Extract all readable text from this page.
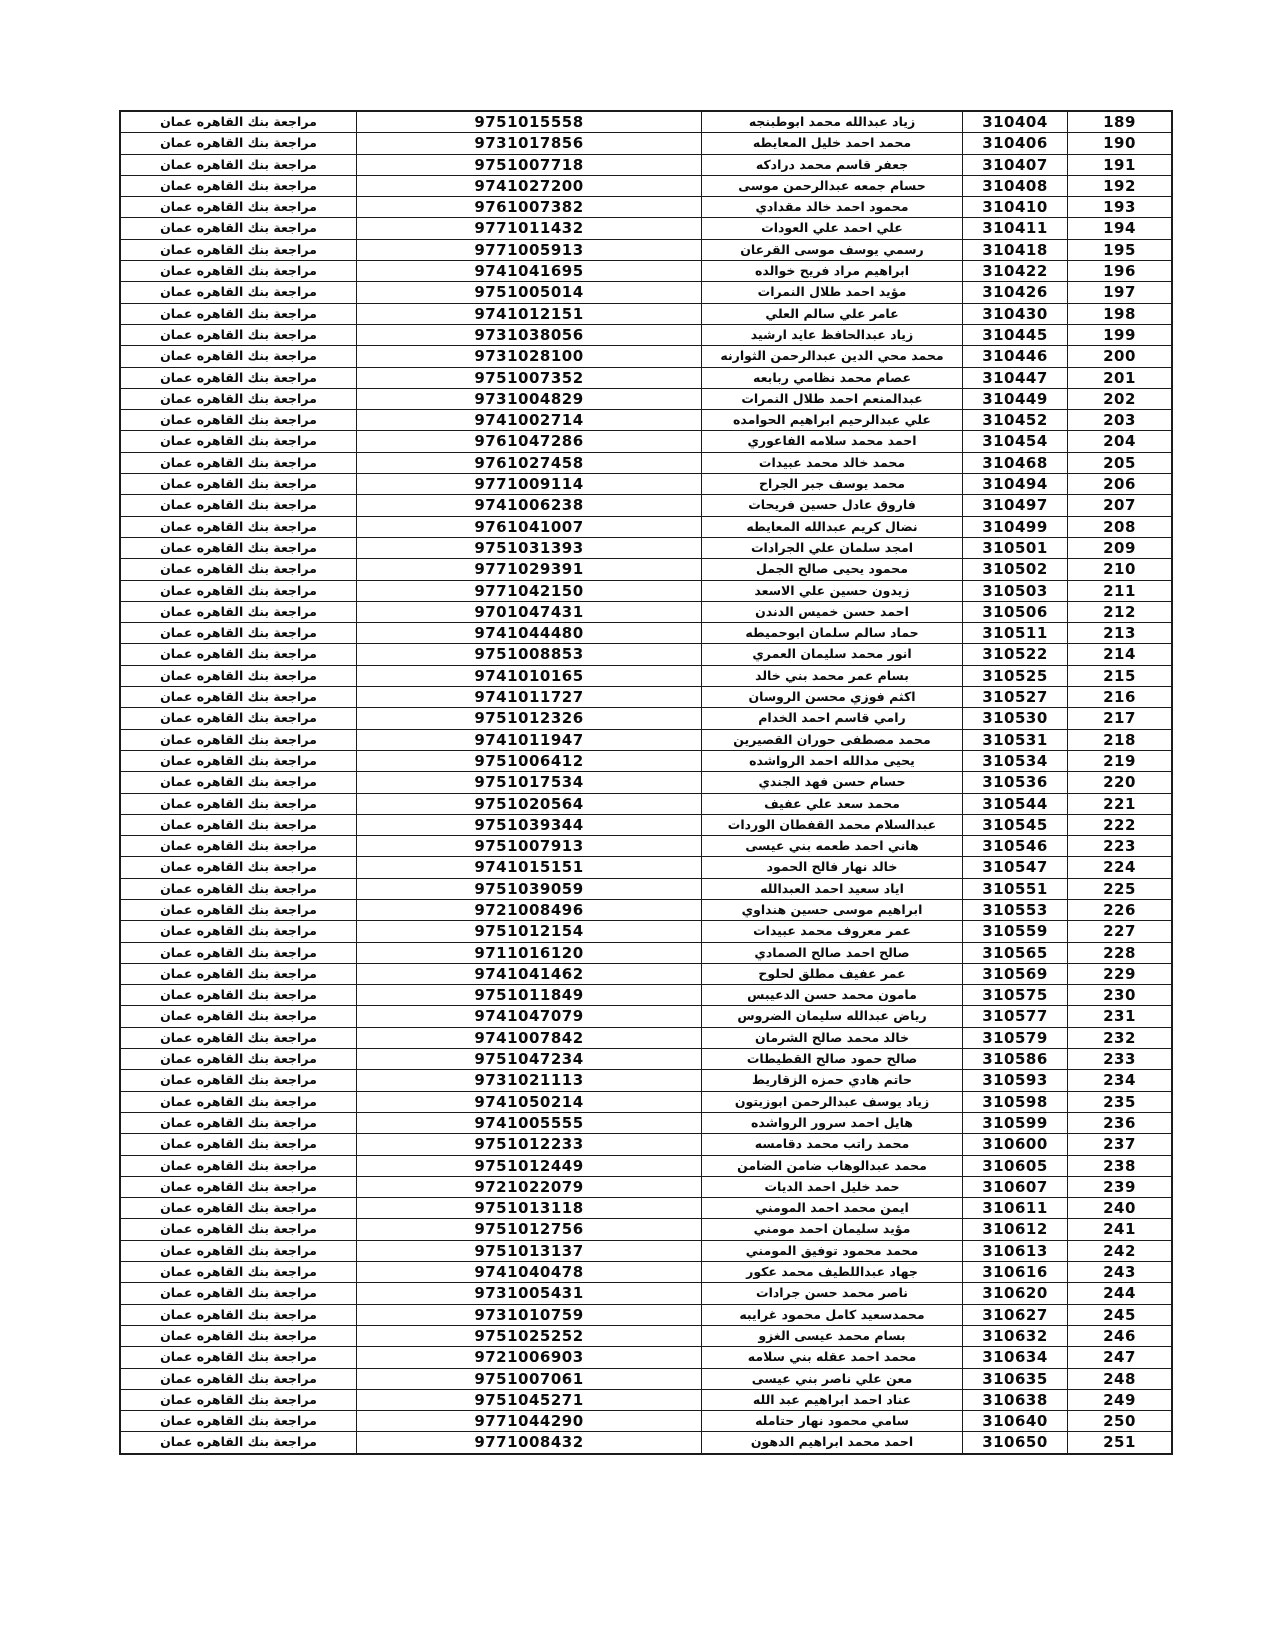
189	310404	زياد عبدالله محمد ابوطبنجه	9751015558	مراجعة بنك القاهره عمان
190	310406	محمد احمد خليل المعايطه	9731017856	مراجعة بنك القاهره عمان
191	310407	جعفر قاسم محمد درادكه	9751007718	مراجعة بنك القاهره عمان
192	310408	حسام جمعه عبدالرحمن موسى	9741027200	مراجعة بنك القاهره عمان
193	310410	محمود احمد خالد مقدادي	9761007382	مراجعة بنك القاهره عمان
194	310411	علي احمد علي العودات	9771011432	مراجعة بنك القاهره عمان
195	310418	رسمي يوسف موسى القرعان	9771005913	مراجعة بنك القاهره عمان
196	310422	ابراهيم مراد فريح خوالده	9741041695	مراجعة بنك القاهره عمان
197	310426	مؤيد احمد طلال النمرات	9751005014	مراجعة بنك القاهره عمان
198	310430	عامر علي سالم العلي	9741012151	مراجعة بنك القاهره عمان
199	310445	زياد عبدالحافظ عايد ارشيد	9731038056	مراجعة بنك القاهره عمان
200	310446	محمد محي الدين عبدالرحمن الثوارنه	9731028100	مراجعة بنك القاهره عمان
201	310447	عصام محمد نظامي ربابعه	9751007352	مراجعة بنك القاهره عمان
202	310449	عبدالمنعم احمد طلال النمرات	9731004829	مراجعة بنك القاهره عمان
203	310452	علي عبدالرحيم ابراهيم الحوامده	9741002714	مراجعة بنك القاهره عمان
204	310454	احمد محمد سلامه الفاعوري	9761047286	مراجعة بنك القاهره عمان
205	310468	محمد خالد محمد عبيدات	9761027458	مراجعة بنك القاهره عمان
206	310494	محمد يوسف جبر الجراح	9771009114	مراجعة بنك القاهره عمان
207	310497	فاروق عادل حسين فريحات	9741006238	مراجعة بنك القاهره عمان
208	310499	نضال كريم عبدالله المعايطه	9761041007	مراجعة بنك القاهره عمان
209	310501	امجد سلمان علي الجرادات	9751031393	مراجعة بنك القاهره عمان
210	310502	محمود يحيى صالح الجمل	9771029391	مراجعة بنك القاهره عمان
211	310503	زيدون حسين علي الاسعد	9771042150	مراجعة بنك القاهره عمان
212	310506	احمد حسن خميس الدندن	9701047431	مراجعة بنك القاهره عمان
213	310511	حماد سالم سلمان ابوحميطه	9741044480	مراجعة بنك القاهره عمان
214	310522	انور محمد سليمان العمري	9751008853	مراجعة بنك القاهره عمان
215	310525	بسام عمر محمد بني خالد	9741010165	مراجعة بنك القاهره عمان
216	310527	اكثم فوزي محسن الروسان	9741011727	مراجعة بنك القاهره عمان
217	310530	رامي قاسم احمد الخدام	9751012326	مراجعة بنك القاهره عمان
218	310531	محمد مصطفى حوران القصيرين	9741011947	مراجعة بنك القاهره عمان
219	310534	يحيى مدالله احمد الرواشده	9751006412	مراجعة بنك القاهره عمان
220	310536	حسام حسن فهد الجندي	9751017534	مراجعة بنك القاهره عمان
221	310544	محمد سعد علي عفيف	9751020564	مراجعة بنك القاهره عمان
222	310545	عبدالسلام محمد القفطان الوردات	9751039344	مراجعة بنك القاهره عمان
223	310546	هاني احمد طعمه بني عيسى	9751007913	مراجعة بنك القاهره عمان
224	310547	خالد نهار فالح الحمود	9741015151	مراجعة بنك القاهره عمان
225	310551	اياد سعيد احمد العبدالله	9751039059	مراجعة بنك القاهره عمان
226	310553	ابراهيم موسى حسين هنداوي	9721008496	مراجعة بنك القاهره عمان
227	310559	عمر معروف محمد عبيدات	9751012154	مراجعة بنك القاهره عمان
228	310565	صالح احمد صالح الصمادي	9711016120	مراجعة بنك القاهره عمان
229	310569	عمر عفيف مطلق لحلوح	9741041462	مراجعة بنك القاهره عمان
230	310575	مامون محمد حسن الدعيبس	9751011849	مراجعة بنك القاهره عمان
231	310577	رياض عبدالله سليمان الضروس	9741047079	مراجعة بنك القاهره عمان
232	310579	خالد محمد صالح الشرمان	9741007842	مراجعة بنك القاهره عمان
233	310586	صالح حمود صالح القطيطات	9751047234	مراجعة بنك القاهره عمان
234	310593	حاتم هادي حمزه الزقاريط	9731021113	مراجعة بنك القاهره عمان
235	310598	زياد يوسف عبدالرحمن ابوزيتون	9741050214	مراجعة بنك القاهره عمان
236	310599	هايل احمد سرور الرواشده	9741005555	مراجعة بنك القاهره عمان
237	310600	محمد راتب محمد دقامسه	9751012233	مراجعة بنك القاهره عمان
238	310605	محمد عبدالوهاب ضامن الضامن	9751012449	مراجعة بنك القاهره عمان
239	310607	حمد خليل احمد الديات	9721022079	مراجعة بنك القاهره عمان
240	310611	ايمن محمد احمد المومني	9751013118	مراجعة بنك القاهره عمان
241	310612	مؤيد سليمان احمد مومني	9751012756	مراجعة بنك القاهره عمان
242	310613	محمد محمود توفيق المومني	9751013137	مراجعة بنك القاهره عمان
243	310616	جهاد عبداللطيف محمد عكور	9741040478	مراجعة بنك القاهره عمان
244	310620	ناصر محمد حسن جرادات	9731005431	مراجعة بنك القاهره عمان
245	310627	محمدسعيد كامل محمود غرايبه	9731010759	مراجعة بنك القاهره عمان
246	310632	بسام محمد عيسى الغزو	9751025252	مراجعة بنك القاهره عمان
247	310634	محمد احمد عقله بني سلامه	9721006903	مراجعة بنك القاهره عمان
248	310635	معن علي ناصر بني عيسى	9751007061	مراجعة بنك القاهره عمان
249	310638	عناد احمد ابراهيم عبد الله	9751045271	مراجعة بنك القاهره عمان
250	310640	سامي محمود نهار حتامله	9771044290	مراجعة بنك القاهره عمان
251	310650	احمد محمد ابراهيم الدهون	9771008432	مراجعة بنك القاهره عمان
